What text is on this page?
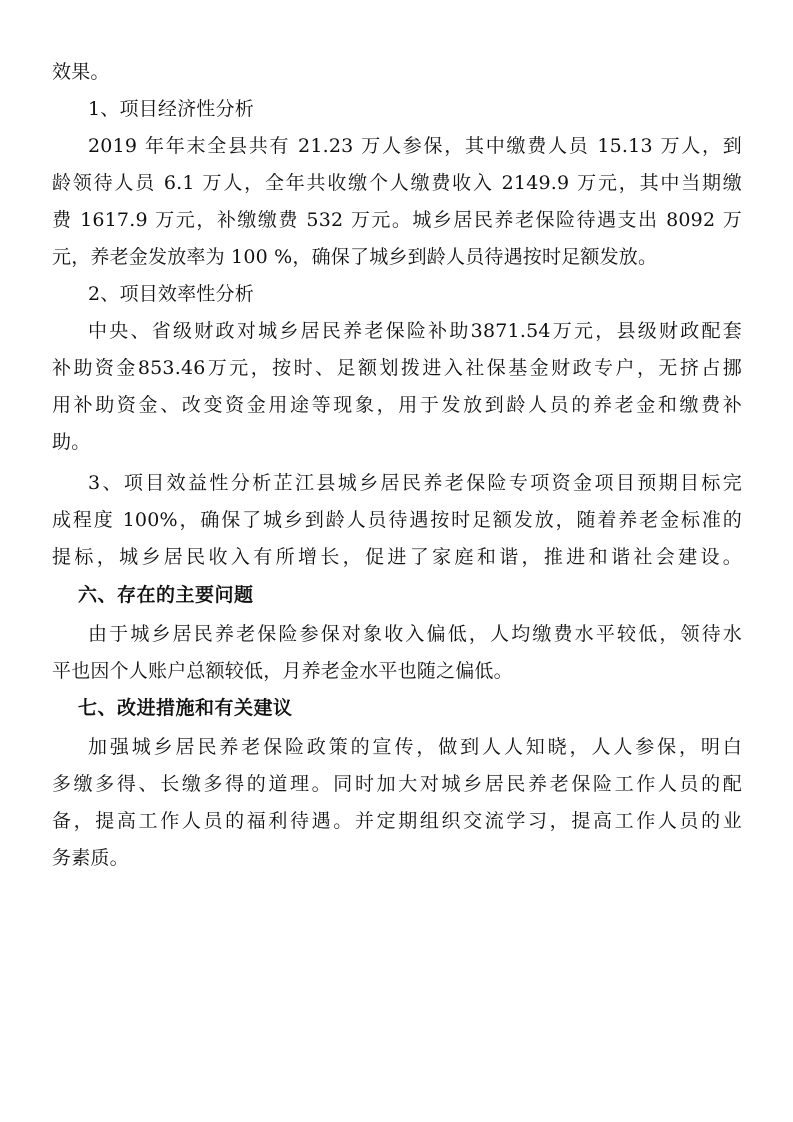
效果。
1、项目经济性分析
2019 年年末全县共有 21.23 万人参保，其中缴费人员 15.13 万人，到
龄领待人员 6.1 万人，全年共收缴个人缴费收入 2149.9 万元，其中当期缴
费 1617.9 万元，补缴缴费 532 万元。城乡居民养老保险待遇支出 8092 万
元，养老金发放率为 100 %，确保了城乡到龄人员待遇按时足额发放。
2、项目效率性分析
中央、省级财政对城乡居民养老保险补助3871.54万元，县级财政配套
补助资金853.46万元，按时、足额划拨进入社保基金财政专户，无挤占挪
用补助资金、改变资金用途等现象，用于发放到龄人员的养老金和缴费补
助。
3、项目效益性分析芷江县城乡居民养老保险专项资金项目预期目标完
成程度 100%，确保了城乡到龄人员待遇按时足额发放，随着养老金标准的
提标，城乡居民收入有所增长，促进了家庭和谐，推进和谐社会建设。
六、存在的主要问题
由于城乡居民养老保险参保对象收入偏低，人均缴费水平较低，领待水
平也因个人账户总额较低，月养老金水平也随之偏低。
七、改进措施和有关建议
加强城乡居民养老保险政策的宣传，做到人人知晓，人人参保，明白
多缴多得、长缴多得的道理。同时加大对城乡居民养老保险工作人员的配
备，提高工作人员的福利待遇。并定期组织交流学习，提高工作人员的业
务素质。
